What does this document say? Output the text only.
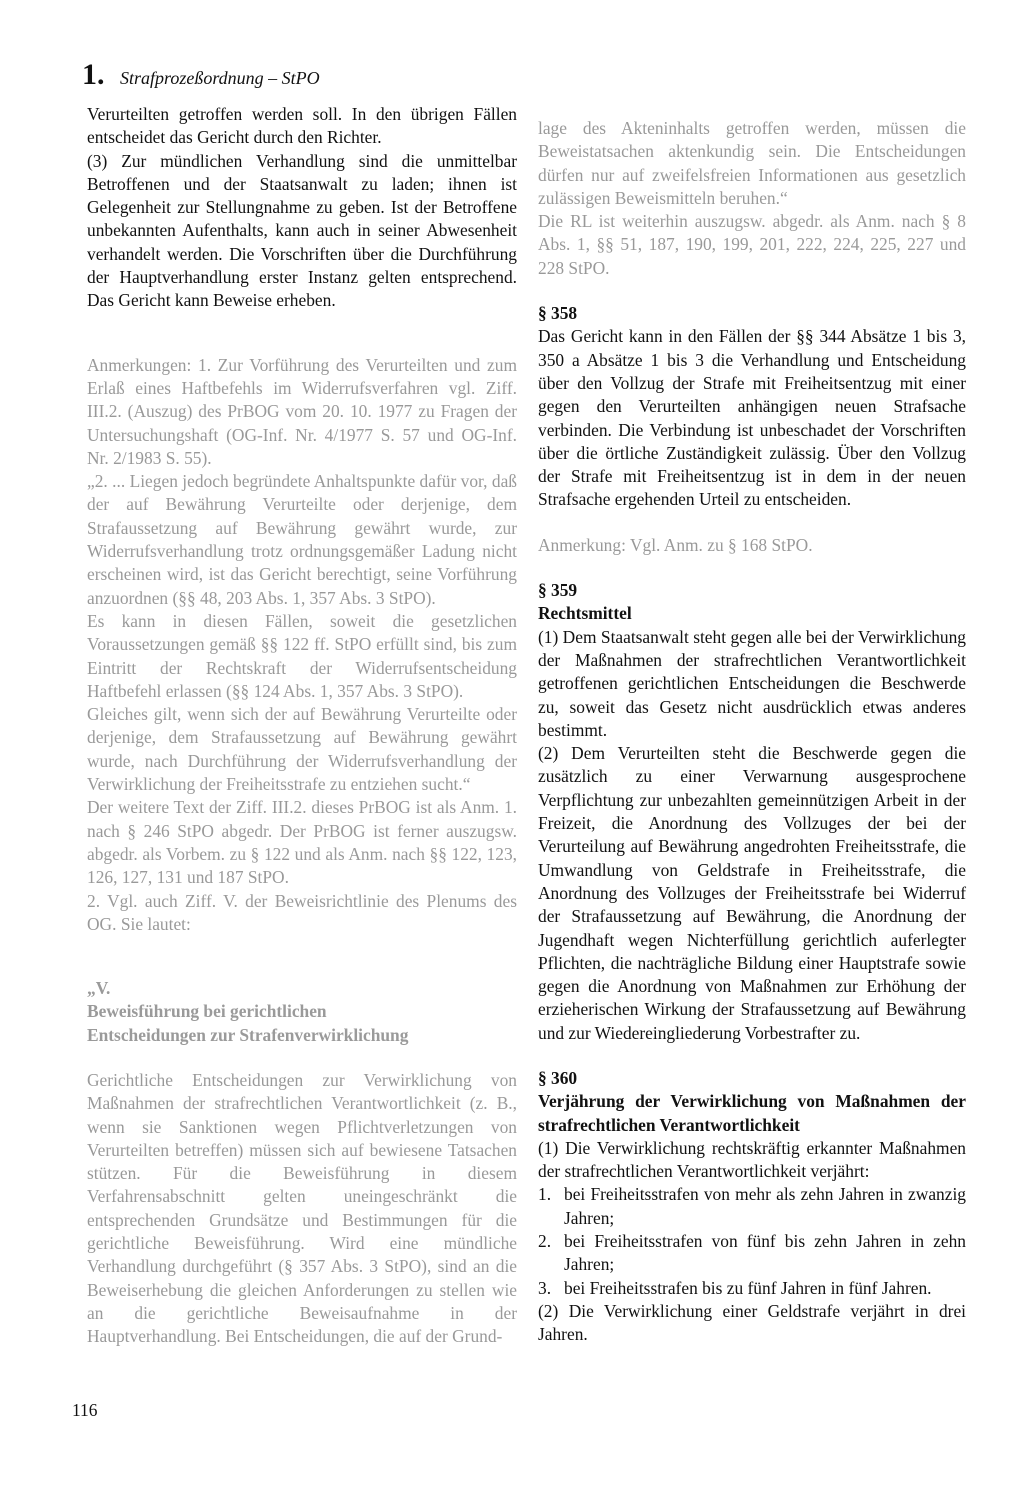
1. Strafprozeßordnung – StPO

Verurteilten getroffen werden soll. In den übrigen Fällen entscheidet das Gericht durch den Richter.

(3) Zur mündlichen Verhandlung sind die unmittelbar Betroffenen und der Staatsanwalt zu laden; ihnen ist Gelegenheit zur Stellungnahme zu geben. Ist der Betroffene unbekannten Aufenthalts, kann auch in seiner Abwesenheit verhandelt werden. Die Vorschriften über die Durchführung der Hauptverhandlung erster Instanz gelten entsprechend. Das Gericht kann Beweise erheben.

Anmerkungen: 1. Zur Vorführung des Verurteilten und zum Erlaß eines Haftbefehls im Widerrufsverfahren vgl. Ziff. III.2. (Auszug) des PrBOG vom 20. 10. 1977 zu Fragen der Untersuchungshaft (OG-Inf. Nr. 4/1977 S. 57 und OG-Inf. Nr. 2/1983 S. 55).

„2. ... Liegen jedoch begründete Anhaltspunkte dafür vor, daß der auf Bewährung Verurteilte oder derjenige, dem Strafaussetzung auf Bewährung gewährt wurde, zur Widerrufsverhandlung trotz ordnungsgemäßer Ladung nicht erscheinen wird, ist das Gericht berechtigt, seine Vorführung anzuordnen (§§ 48, 203 Abs. 1, 357 Abs. 3 StPO).

Es kann in diesen Fällen, soweit die gesetzlichen Voraussetzungen gemäß §§ 122 ff. StPO erfüllt sind, bis zum Eintritt der Rechtskraft der Widerrufsentscheidung Haftbefehl erlassen (§§ 124 Abs. 1, 357 Abs. 3 StPO).

Gleiches gilt, wenn sich der auf Bewährung Verurteilte oder derjenige, dem Strafaussetzung auf Bewährung gewährt wurde, nach Durchführung der Widerrufsverhandlung der Verwirklichung der Freiheitsstrafe zu entziehen sucht.“

Der weitere Text der Ziff. III.2. dieses PrBOG ist als Anm. 1. nach § 246 StPO abgedr. Der PrBOG ist ferner auszugsw. abgedr. als Vorbem. zu § 122 und als Anm. nach §§ 122, 123, 126, 127, 131 und 187 StPO.

2. Vgl. auch Ziff. V. der Beweisrichtlinie des Plenums des OG. Sie lautet:

„V.

Beweisführung bei gerichtlichen

Entscheidungen zur Strafenverwirklichung

Gerichtliche Entscheidungen zur Verwirklichung von Maßnahmen der strafrechtlichen Verantwortlichkeit (z. B., wenn sie Sanktionen wegen Pflichtverletzungen von Verurteilten betreffen) müssen sich auf bewiesene Tatsachen stützen. Für die Beweisführung in diesem Verfahrensabschnitt gelten uneingeschränkt die entsprechenden Grundsätze und Bestimmungen für die gerichtliche Beweisführung. Wird eine mündliche Verhandlung durchgeführt (§ 357 Abs. 3 StPO), sind an die Beweiserhebung die gleichen Anforderungen zu stellen wie an die gerichtliche Beweisaufnahme in der Hauptverhandlung. Bei Entscheidungen, die auf der Grund-

lage des Akteninhalts getroffen werden, müssen die Beweistatsachen aktenkundig sein. Die Entscheidungen dürfen nur auf zweifelsfreien Informationen aus gesetzlich zulässigen Beweismitteln beruhen.“

Die RL ist weiterhin auszugsw. abgedr. als Anm. nach § 8 Abs. 1, §§ 51, 187, 190, 199, 201, 222, 224, 225, 227 und 228 StPO.

§ 358

Das Gericht kann in den Fällen der §§ 344 Absätze 1 bis 3, 350 a Absätze 1 bis 3 die Verhandlung und Entscheidung über den Vollzug der Strafe mit Freiheitsentzug mit einer gegen den Verurteilten anhängigen neuen Strafsache verbinden. Die Verbindung ist unbeschadet der Vorschriften über die örtliche Zuständigkeit zulässig. Über den Vollzug der Strafe mit Freiheitsentzug ist in dem in der neuen Strafsache ergehenden Urteil zu entscheiden.

Anmerkung: Vgl. Anm. zu § 168 StPO.

§ 359

Rechtsmittel

(1) Dem Staatsanwalt steht gegen alle bei der Verwirklichung der Maßnahmen der strafrechtlichen Verantwortlichkeit getroffenen gerichtlichen Entscheidungen die Beschwerde zu, soweit das Gesetz nicht ausdrücklich etwas anderes bestimmt.

(2) Dem Verurteilten steht die Beschwerde gegen die zusätzlich zu einer Verwarnung ausgesprochene Verpflichtung zur unbezahlten gemeinnützigen Arbeit in der Freizeit, die Anordnung des Vollzuges der bei der Verurteilung auf Bewährung angedrohten Freiheitsstrafe, die Umwandlung von Geldstrafe in Freiheitsstrafe, die Anordnung des Vollzuges der Freiheitsstrafe bei Widerruf der Strafaussetzung auf Bewährung, die Anordnung der Jugendhaft wegen Nichterfüllung gerichtlich auferlegter Pflichten, die nachträgliche Bildung einer Hauptstrafe sowie gegen die Anordnung von Maßnahmen zur Erhöhung der erzieherischen Wirkung der Strafaussetzung auf Bewährung und zur Wiedereingliederung Vorbestrafter zu.

§ 360

Verjährung der Verwirklichung von Maßnahmen der strafrechtlichen Verantwortlichkeit

(1) Die Verwirklichung rechtskräftig erkannter Maßnahmen der strafrechtlichen Verantwortlichkeit verjährt:

1. bei Freiheitsstrafen von mehr als zehn Jahren in zwanzig Jahren;
2. bei Freiheitsstrafen von fünf bis zehn Jahren in zehn Jahren;
3. bei Freiheitsstrafen bis zu fünf Jahren in fünf Jahren.

(2) Die Verwirklichung einer Geldstrafe verjährt in drei Jahren.

116
